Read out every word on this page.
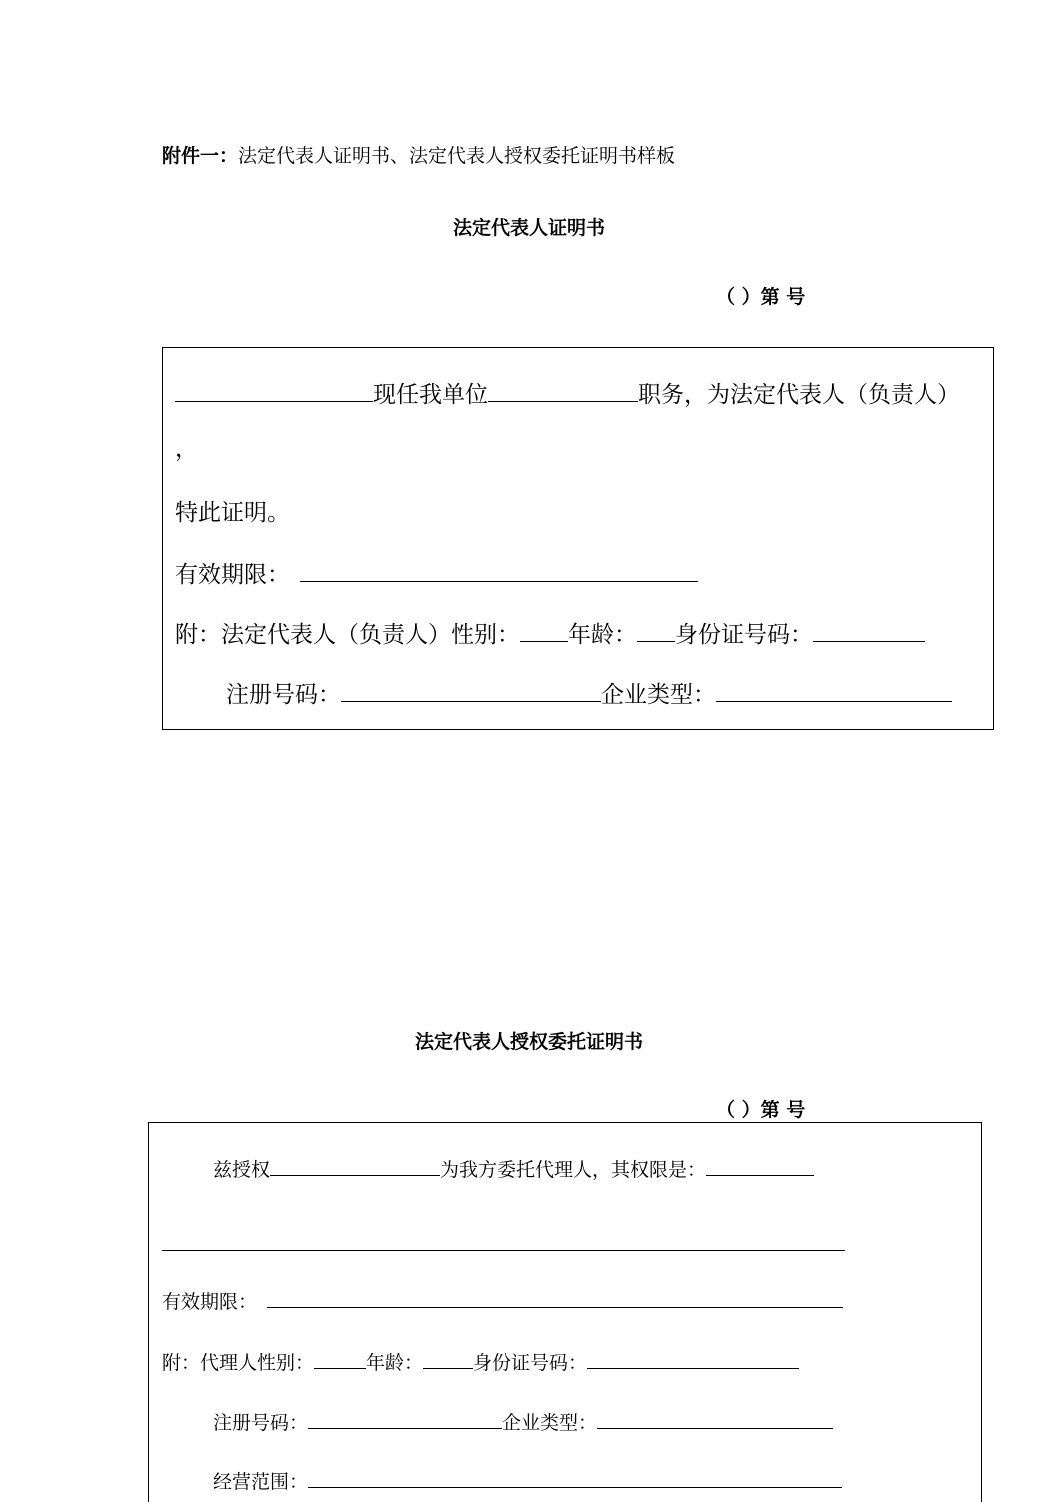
附件一：法定代表人证明书、法定代表人授权委托证明书样板
法定代表人证明书
（ ）第 号
现任我单位	职务，为法定代表人（负责人）
，
特此证明。
有效期限：
附：法定代表人（负责人）性别： 年龄： 身份证号码：
注册号码：	企业类型：
法定代表人授权委托证明书
（ ）第 号
兹授权	为我方委托代理人，其权限是：
有效期限：
附：代理人性别：	年龄：	身份证号码：
注册号码：	企业类型：
经营范围：
